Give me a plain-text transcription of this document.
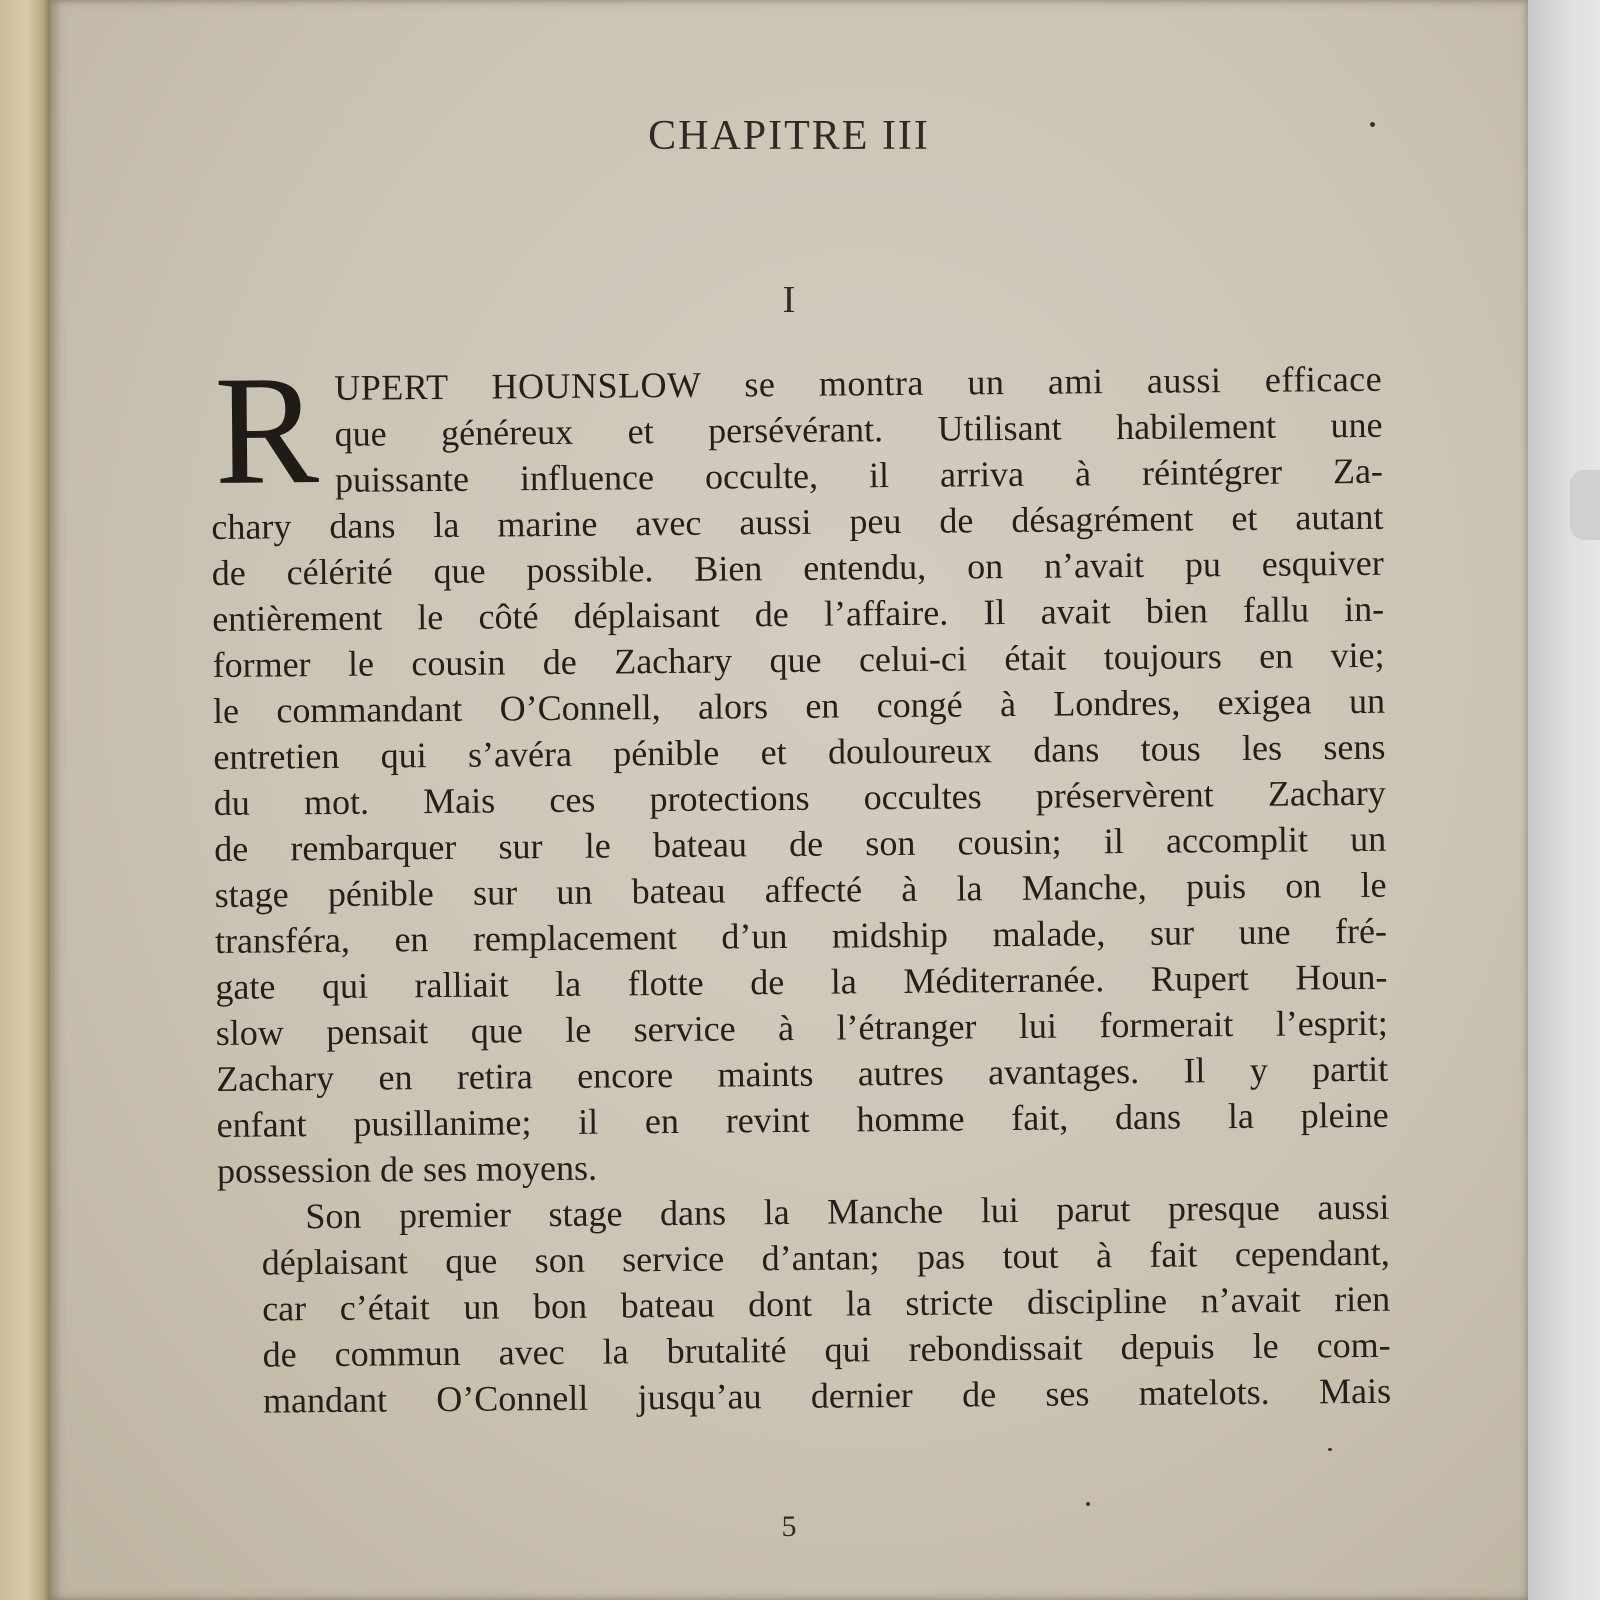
CHAPITRE III
I
R UPERT HOUNSLOW se montra un ami aussi efficace
que généreux et persévérant. Utilisant habilement une
puissante influence occulte, il arriva à réintégrer Za-
chary dans la marine avec aussi peu de désagrément et autant
de célérité que possible. Bien entendu, on n’avait pu esquiver
entièrement le côté déplaisant de l’affaire. Il avait bien fallu in-
former le cousin de Zachary que celui-ci était toujours en vie;
le commandant O’Connell, alors en congé à Londres, exigea un
entretien qui s’avéra pénible et douloureux dans tous les sens
du mot. Mais ces protections occultes préservèrent Zachary
de rembarquer sur le bateau de son cousin; il accomplit un
stage pénible sur un bateau affecté à la Manche, puis on le
transféra, en remplacement d’un midship malade, sur une fré-
gate qui ralliait la flotte de la Méditerranée. Rupert Houn-
slow pensait que le service à l’étranger lui formerait l’esprit;
Zachary en retira encore maints autres avantages. Il y partit
enfant pusillanime; il en revint homme fait, dans la pleine
possession de ses moyens.
Son premier stage dans la Manche lui parut presque aussi
déplaisant que son service d’antan; pas tout à fait cependant,
car c’était un bon bateau dont la stricte discipline n’avait rien
de commun avec la brutalité qui rebondissait depuis le com-
mandant O’Connell jusqu’au dernier de ses matelots. Mais
5
